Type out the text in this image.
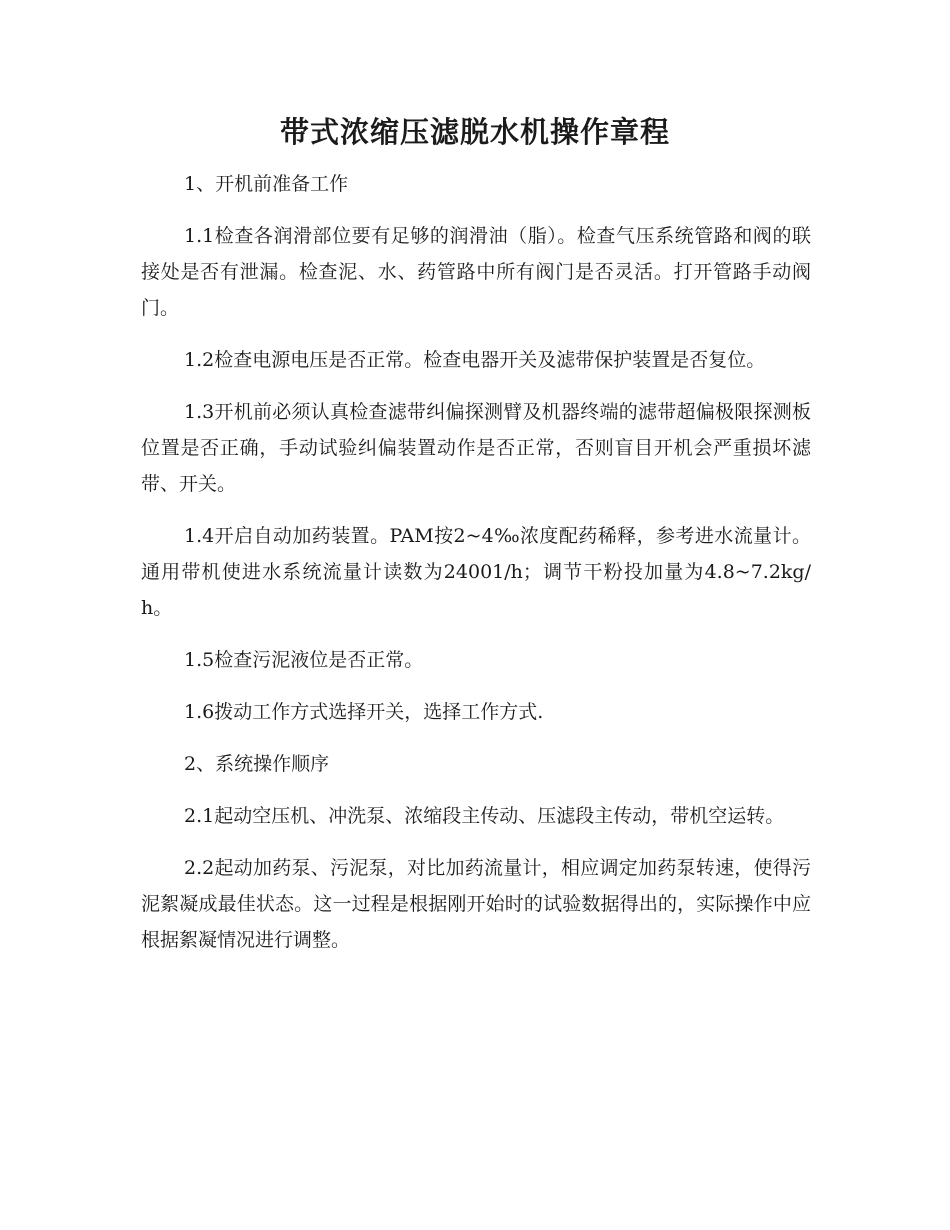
带式浓缩压滤脱水机操作章程

1、开机前准备工作

1.1检查各润滑部位要有足够的润滑油（脂）。检查气压系统管路和阀的联接处是否有泄漏。检查泥、水、药管路中所有阀门是否灵活。打开管路手动阀门。

1.2检查电源电压是否正常。检查电器开关及滤带保护装置是否复位。

1.3开机前必须认真检查滤带纠偏探测臂及机器终端的滤带超偏极限探测板位置是否正确，手动试验纠偏装置动作是否正常，否则盲目开机会严重损坏滤带、开关。

1.4开启自动加药装置。PAM按2~4‰浓度配药稀释，参考进水流量计。通用带机使进水系统流量计读数为24001/h；调节干粉投加量为4.8~7.2kg/h。

1.5检查污泥液位是否正常。

1.6拨动工作方式选择开关，选择工作方式.

2、系统操作顺序

2.1起动空压机、冲洗泵、浓缩段主传动、压滤段主传动，带机空运转。

2.2起动加药泵、污泥泵，对比加药流量计，相应调定加药泵转速，使得污泥絮凝成最佳状态。这一过程是根据刚开始时的试验数据得出的，实际操作中应根据絮凝情况进行调整。
